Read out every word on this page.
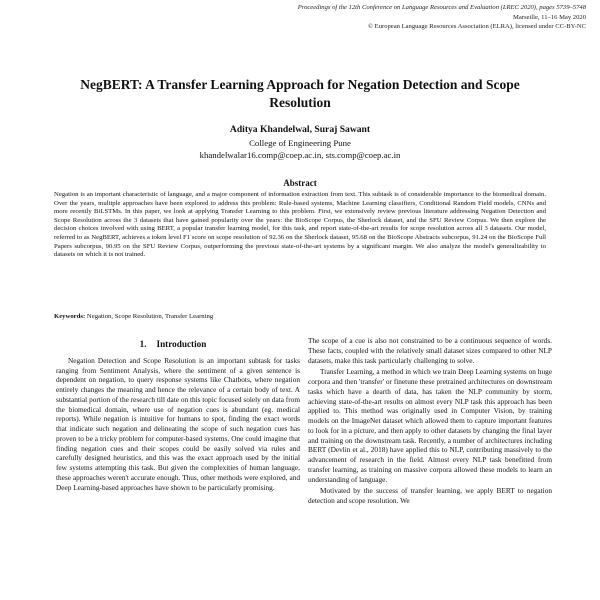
Proceedings of the 12th Conference on Language Resources and Evaluation (LREC 2020), pages 5739–5748
Marseille, 11–16 May 2020
© European Language Resources Association (ELRA), licensed under CC-BY-NC
NegBERT: A Transfer Learning Approach for Negation Detection and Scope Resolution
Aditya Khandelwal, Suraj Sawant
College of Engineering Pune
khandelwalar16.comp@coep.ac.in, sts.comp@coep.ac.in
Abstract
Negation is an important characteristic of language, and a major component of information extraction from text. This subtask is of considerable importance to the biomedical domain. Over the years, multiple approaches have been explored to address this problem: Rule-based systems, Machine Learning classifiers, Conditional Random Field models, CNNs and more recently BiLSTMs. In this paper, we look at applying Transfer Learning to this problem. First, we extensively review previous literature addressing Negation Detection and Scope Resolution across the 3 datasets that have gained popularity over the years: the BioScope Corpus, the Sherlock dataset, and the SFU Review Corpus. We then explore the decision choices involved with using BERT, a popular transfer learning model, for this task, and report state-of-the-art results for scope resolution across all 3 datasets. Our model, referred to as NegBERT, achieves a token level F1 score on scope resolution of 92.36 on the Sherlock dataset, 95.68 on the BioScope Abstracts subcorpus, 91.24 on the BioScope Full Papers subcorpus, 90.95 on the SFU Review Corpus, outperforming the previous state-of-the-art systems by a significant margin. We also analyze the model's generalizability to datasets on which it is not trained.
Keywords: Negation, Scope Resolution, Transfer Learning
1. Introduction

Negation Detection and Scope Resolution is an important subtask for tasks ranging from Sentiment Analysis, where the sentiment of a given sentence is dependent on negation, to query response systems like Chatbots, where negation entirely changes the meaning and hence the relevance of a certain body of text. A substantial portion of the research till date on this topic focused solely on data from the biomedical domain, where use of negation cues is abundant (eg. medical reports). While negation is intuitive for humans to spot, finding the exact words that indicate such negation and delineating the scope of such negation cues has proven to be a tricky problem for computer-based systems. One could imagine that finding negation cues and their scopes could be easily solved via rules and carefully designed heuristics, and this was the exact approach used by the initial few systems attempting this task. But given the complexities of human language, these approaches weren't accurate enough. Thus, other methods were explored, and Deep Learning-based approaches have shown to be particularly promising.

The scope of a cue is also not constrained to be a continuous sequence of words. These facts, coupled with the relatively small dataset sizes compared to other NLP datasets, make this task particularly challenging to solve.

Transfer Learning, a method in which we train Deep Learning systems on huge corpora and then 'transfer' or finetune these pretrained architectures on downstream tasks which have a dearth of data, has taken the NLP community by storm, achieving state-of-the-art results on almost every NLP task this approach has been applied to. This method was originally used in Computer Vision, by training models on the ImageNet dataset which allowed them to capture important features to look for in a picture, and then apply to other datasets by changing the final layer and training on the downstream task. Recently, a number of architectures including BERT (Devlin et al., 2018) have applied this to NLP, contributing massively to the advancement of research in the field. Almost every NLP task benefitted from transfer learning, as training on massive corpora allowed these models to learn an understanding of language.

Motivated by the success of transfer learning, we apply BERT to negation detection and scope resolution. We
